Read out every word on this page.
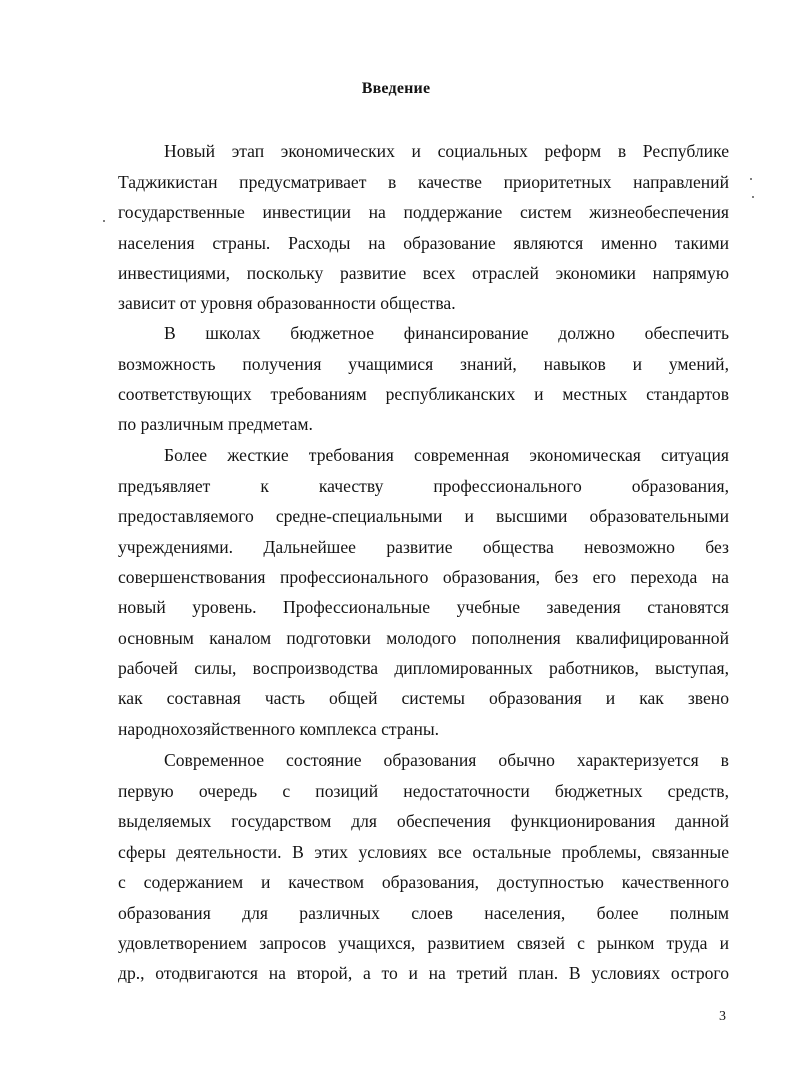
Введение
Новый этап экономических и социальных реформ в Республике
Таджикистан предусматривает в качестве приоритетных направлений
государственные инвестиции на поддержание систем жизнеобеспечения
населения страны. Расходы на образование являются именно такими
инвестициями, поскольку развитие всех отраслей экономики напрямую
зависит от уровня образованности общества.
В школах бюджетное финансирование должно обеспечить
возможность получения учащимися знаний, навыков и умений,
соответствующих требованиям республиканских и местных стандартов
по различным предметам.
Более жесткие требования современная экономическая ситуация
предъявляет к качеству профессионального образования,
предоставляемого средне-специальными и высшими образовательными
учреждениями. Дальнейшее развитие общества невозможно без
совершенствования профессионального образования, без его перехода на
новый уровень. Профессиональные учебные заведения становятся
основным каналом подготовки молодого пополнения квалифицированной
рабочей силы, воспроизводства дипломированных работников, выступая,
как составная часть общей системы образования и как звено
народнохозяйственного комплекса страны.
Современное состояние образования обычно характеризуется в
первую очередь с позиций недостаточности бюджетных средств,
выделяемых государством для обеспечения функционирования данной
сферы деятельности. В этих условиях все остальные проблемы, связанные
с содержанием и качеством образования, доступностью качественного
образования для различных слоев населения, более полным
удовлетворением запросов учащихся, развитием связей с рынком труда и
др., отодвигаются на второй, а то и на третий план. В условиях острого
3
